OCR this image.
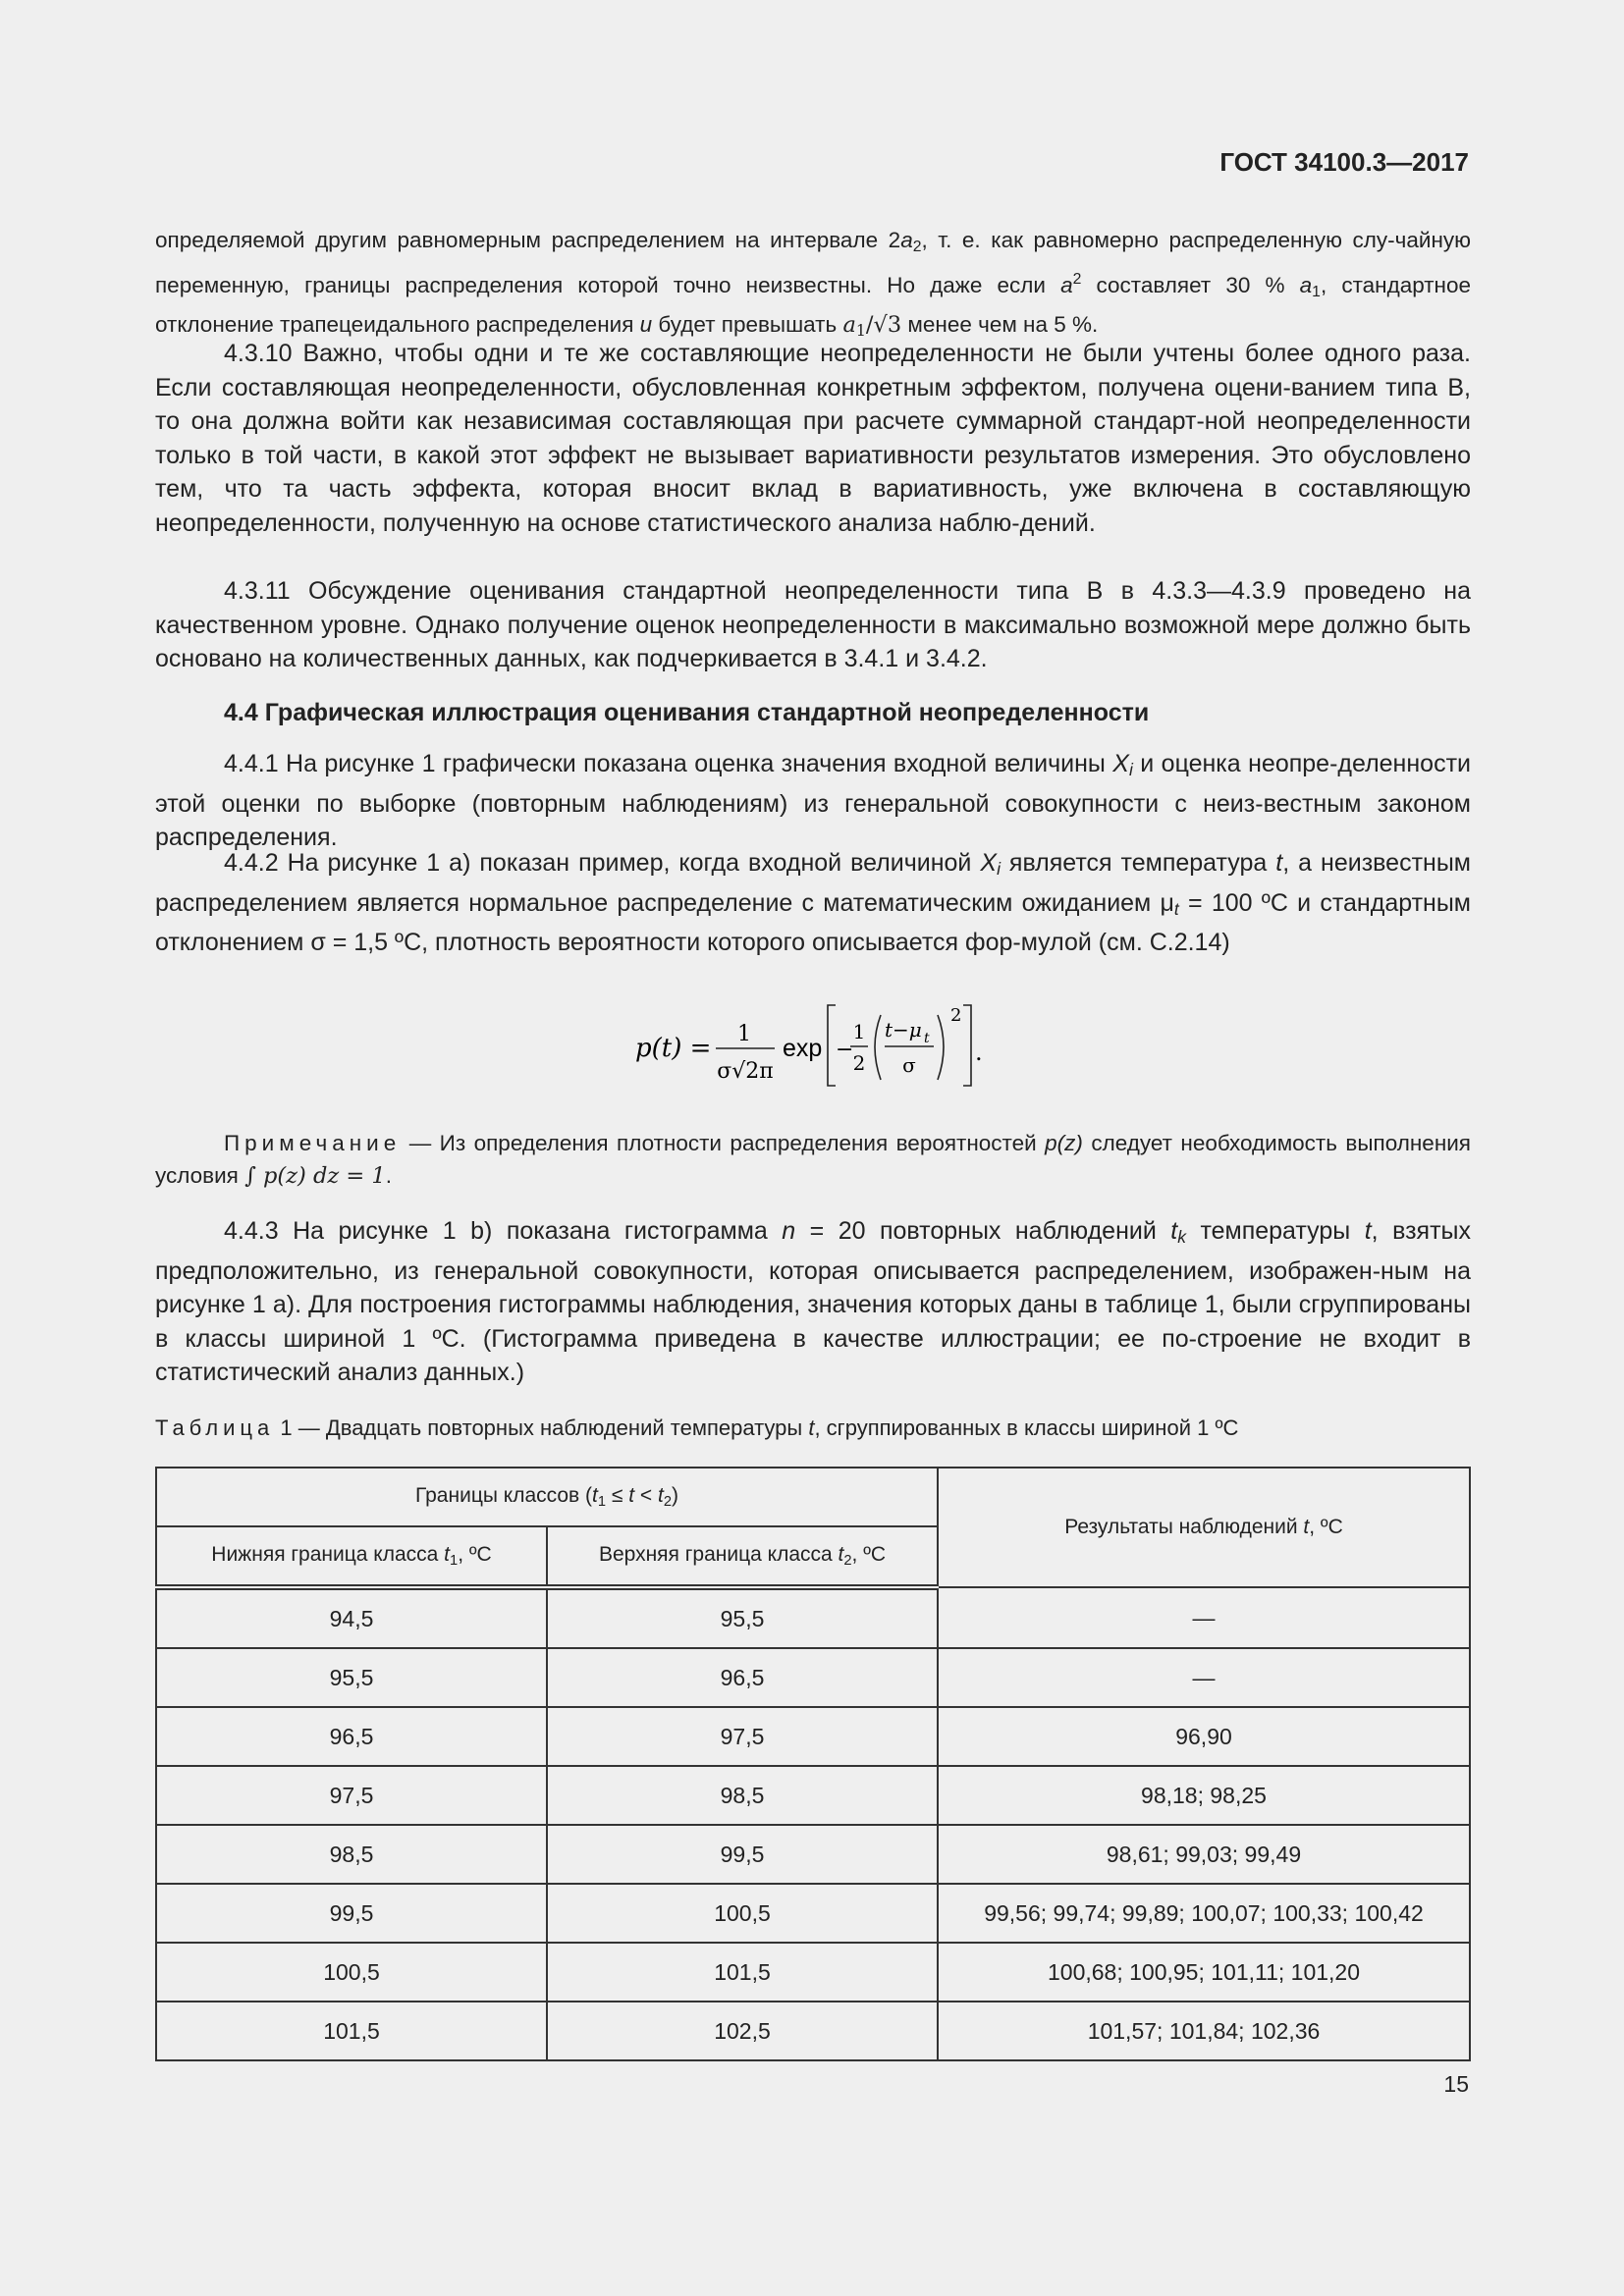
ГОСТ 34100.3—2017
определяемой другим равномерным распределением на интервале $2a_2$, т. е. как равномерно распределенную слу-чайную переменную, границы распределения которой точно неизвестны. Но даже если $a^2$ составляет 30 % $a_1$, стандартное отклонение трапецеидального распределения u будет превышать $a_1/√3$ менее чем на 5 %.
4.3.10 Важно, чтобы одни и те же составляющие неопределенности не были учтены более одного раза. Если составляющая неопределенности, обусловленная конкретным эффектом, получена оцени-ванием типа В, то она должна войти как независимая составляющая при расчете суммарной стандарт-ной неопределенности только в той части, в какой этот эффект не вызывает вариативности результатов измерения. Это обусловлено тем, что та часть эффекта, которая вносит вклад в вариативность, уже включена в составляющую неопределенности, полученную на основе статистического анализа наблю-дений.
4.3.11 Обсуждение оценивания стандартной неопределенности типа В в 4.3.3—4.3.9 проведено на качественном уровне. Однако получение оценок неопределенности в максимально возможной мере должно быть основано на количественных данных, как подчеркивается в 3.4.1 и 3.4.2.
4.4 Графическая иллюстрация оценивания стандартной неопределенности
4.4.1 На рисунке 1 графически показана оценка значения входной величины $X_i$ и оценка неопре-деленности этой оценки по выборке (повторным наблюдениям) из генеральной совокупности с неиз-вестным законом распределения.
4.4.2 На рисунке 1 а) показан пример, когда входной величиной $X_i$ является температура t, а неизвестным распределением является нормальное распределение с математическим ожиданием $\mu_t = 100$ ºС и стандартным отклонением σ = 1,5 ºС, плотность вероятности которого описывается фор-мулой (см. С.2.14)
p(t) = 1
σ√2π
exp −
1
2
t−μ t
σ
2
.
Примечание — Из определения плотности распределения вероятностей p(z) следует необходимость выполнения условия ∫ p(z) dz = 1.
4.4.3 На рисунке 1 b) показана гистограмма n = 20 повторных наблюдений $t_k$ температуры t, взятых предположительно, из генеральной совокупности, которая описывается распределением, изображен-ным на рисунке 1 а). Для построения гистограммы наблюдения, значения которых даны в таблице 1, были сгруппированы в классы шириной 1 ºС. (Гистограмма приведена в качестве иллюстрации; ее по-строение не входит в статистический анализ данных.)
Таблица 1 — Двадцать повторных наблюдений температуры t, сгруппированных в классы шириной 1 ºС
Границы классов $(t_1 \le t < t_2)$		Результаты наблюдений t, ºС
Нижняя граница класса $t_1$, ºС	Верхняя граница класса $t_2$, ºС	
94,5	95,5	—
95,5	96,5	—
96,5	97,5	96,90
97,5	98,5	98,18; 98,25
98,5	99,5	98,61; 99,03; 99,49
99,5	100,5	99,56; 99,74; 99,89; 100,07; 100,33; 100,42
100,5	101,5	100,68; 100,95; 101,11; 101,20
101,5	102,5	101,57; 101,84; 102,36
15
